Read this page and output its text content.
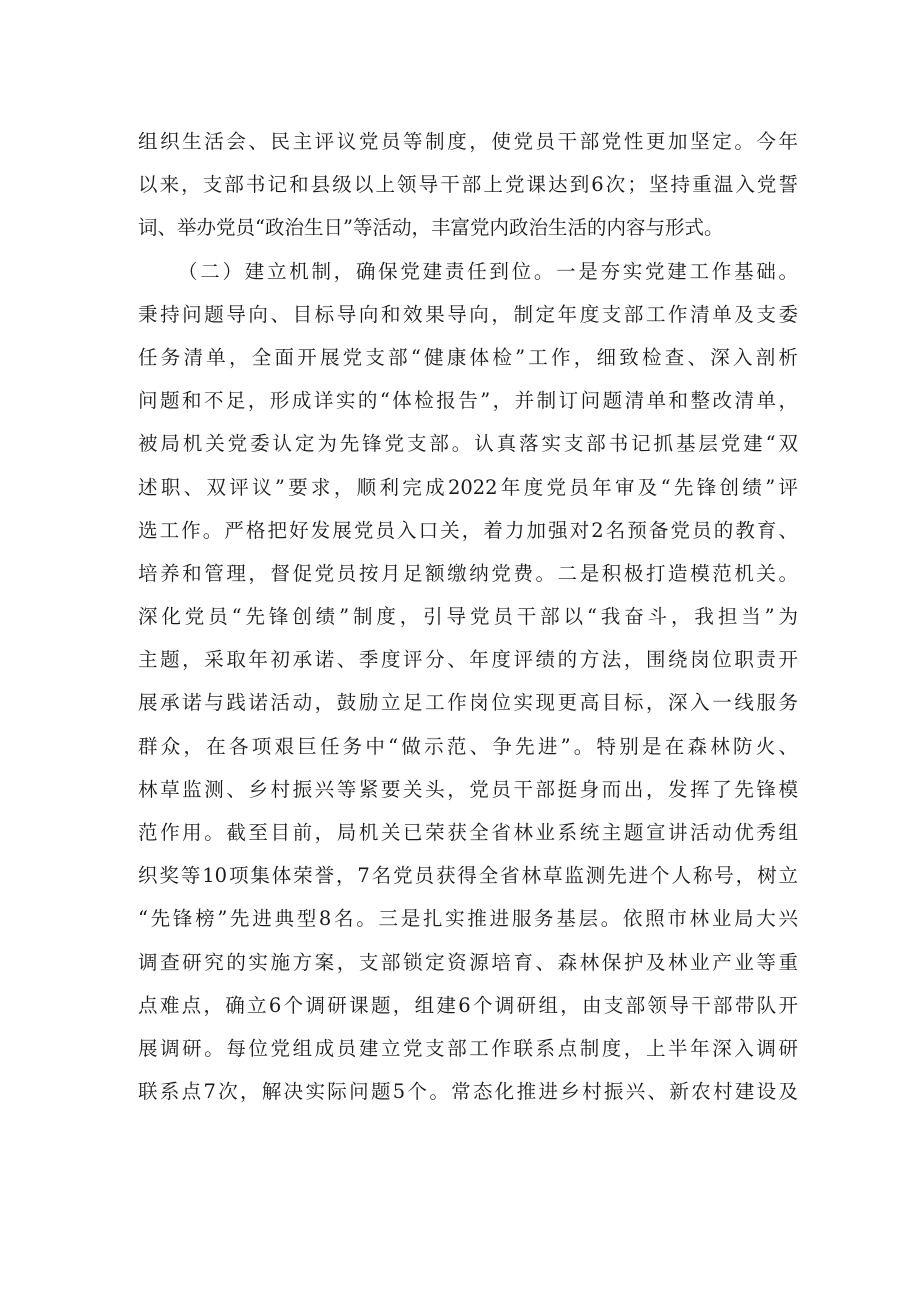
组织生活会、民主评议党员等制度，使党员干部党性更加坚定。今年
以来，支部书记和县级以上领导干部上党课达到6次；坚持重温入党誓
词、举办党员“政治生日”等活动，丰富党内政治生活的内容与形式。
（二）建立机制，确保党建责任到位。一是夯实党建工作基础。
秉持问题导向、目标导向和效果导向，制定年度支部工作清单及支委
任务清单，全面开展党支部“健康体检”工作，细致检查、深入剖析
问题和不足，形成详实的“体检报告”，并制订问题清单和整改清单，
被局机关党委认定为先锋党支部。认真落实支部书记抓基层党建“双
述职、双评议”要求，顺利完成2022年度党员年审及“先锋创绩”评
选工作。严格把好发展党员入口关，着力加强对2名预备党员的教育、
培养和管理，督促党员按月足额缴纳党费。二是积极打造模范机关。
深化党员“先锋创绩”制度，引导党员干部以“我奋斗，我担当”为
主题，采取年初承诺、季度评分、年度评绩的方法，围绕岗位职责开
展承诺与践诺活动，鼓励立足工作岗位实现更高目标，深入一线服务
群众，在各项艰巨任务中“做示范、争先进”。特别是在森林防火、
林草监测、乡村振兴等紧要关头，党员干部挺身而出，发挥了先锋模
范作用。截至目前，局机关已荣获全省林业系统主题宣讲活动优秀组
织奖等10项集体荣誉，7名党员获得全省林草监测先进个人称号，树立
“先锋榜”先进典型8名。三是扎实推进服务基层。依照市林业局大兴
调查研究的实施方案，支部锁定资源培育、森林保护及林业产业等重
点难点，确立6个调研课题，组建6个调研组，由支部领导干部带队开
展调研。每位党组成员建立党支部工作联系点制度，上半年深入调研
联系点7次，解决实际问题5个。常态化推进乡村振兴、新农村建设及
